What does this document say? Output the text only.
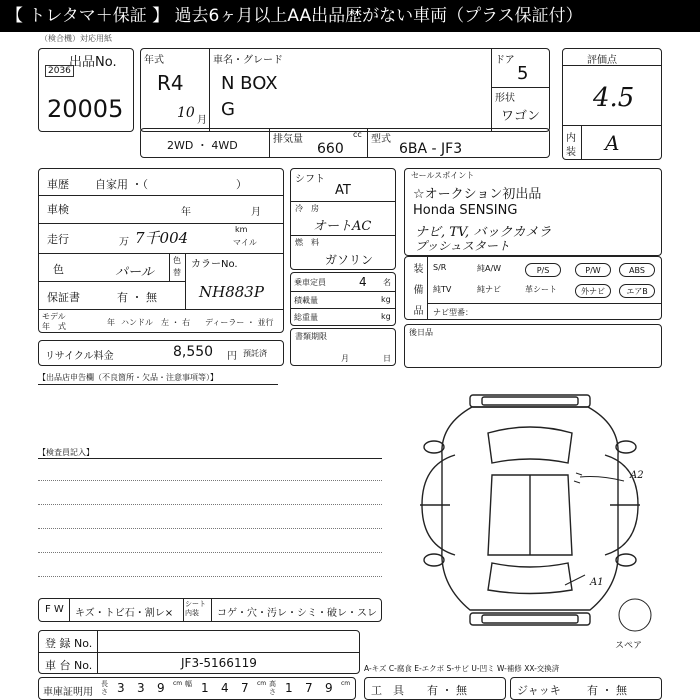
【 トレタマ＋保証 】 過去6ヶ月以上AA出品歴がない車両（プラス保証付）
（検合機）対応用紙
出品No.
2036
20005
年式
R4
10 月
車名・グレード
N BOX
G
ドア
5
形状
ワゴン
評価点
4.5
内
装 A
2WD ・ 4WD	排気量	cc
660
型式
6BA - JF3
車歴 自家用 ・（　　　　　　　　）
車検	年	月
走行	万 7千004	km
マイル
色	パール
色
替
カラーNo.
保証書	有 ・ 無	NH883P
モデル
年　式	年 ハンドル　左 ・ 右 ディーラー ・ 並行
シフト
AT
冷　房
オートAC
燃　料
ガソリン
乗車定員	4 名
積載量	kg
総重量	kg
リサイクル料金	8,550 円 預託済
書類期限
月	日
セールスポイント
☆オークション初出品
Honda SENSING
ナビ, TV, バックカメラ
プッシュスタート
装 備 品 S/R	純A/W	P/S	P/W	ABS
純TV	純ナビ	革シート	外ナビ	エアB
ナビ型番：
後日品
【出品店申告欄（不良箇所・欠品・注意事項等）】
【検査員記入】
A2
A1
スペア
F W キズ・トビ石・割レ×
シート内装	コゲ・穴・汚レ・シミ・破レ・スレ
登 録 No.
車 台 No.	JF3-5166119	A-キズ C-腐食 E-エクボ S-サビ U-凹ミ W-補修 XX-交換済
車庫証明用
長さ 3 3 9 cm 幅 1 4 7 cm 高さ 1 7 9 cm
工　具 有 ・ 無	ジャッキ 有 ・ 無
